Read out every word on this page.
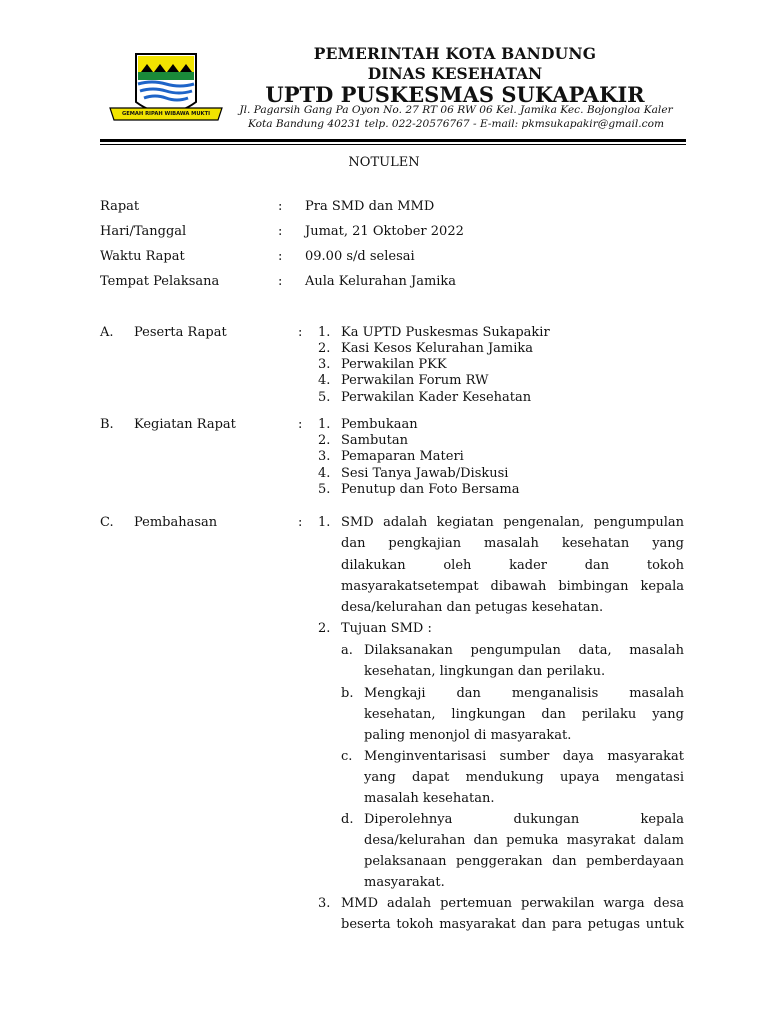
GEMAH RIPAH WIBAWA MUKTI
PEMERINTAH KOTA BANDUNG
DINAS KESEHATAN
UPTD PUSKESMAS SUKAPAKIR
Jl. Pagarsih Gang Pa Oyon No. 27 RT 06 RW 06 Kel. Jamika Kec. Bojongloa Kaler
Kota Bandung 40231 telp. 022-20576767 - E-mail: pkmsukapakir@gmail.com
NOTULEN
Rapat	: Pra SMD dan MMD
Hari/Tanggal	: Jumat, 21 Oktober 2022
Waktu Rapat	: 09.00 s/d selesai
Tempat Pelaksana	: Aula Kelurahan Jamika
A. Peserta Rapat	: 1. Ka UPTD Puskesmas Sukapakir
2. Kasi Kesos Kelurahan Jamika
3. Perwakilan PKK
4. Perwakilan Forum RW
5. Perwakilan Kader Kesehatan
B. Kegiatan Rapat	: 1. Pembukaan
2. Sambutan
3. Pemaparan Materi
4. Sesi Tanya Jawab/Diskusi
5. Penutup dan Foto Bersama
C. Pembahasan	: 1. SMD adalah kegiatan pengenalan, pengumpulan
dan pengkajian masalah kesehatan yang
dilakukan oleh kader dan tokoh
masyarakatsetempat dibawah bimbingan kepala
desa/kelurahan dan petugas kesehatan.
2. Tujuan SMD :
a. Dilaksanakan pengumpulan data, masalah
kesehatan, lingkungan dan perilaku.
b. Mengkaji dan menganalisis masalah
kesehatan, lingkungan dan perilaku yang
paling menonjol di masyarakat.
c. Menginventarisasi sumber daya masyarakat
yang dapat mendukung upaya mengatasi
masalah kesehatan.
d. Diperolehnya dukungan kepala
desa/kelurahan dan pemuka masyrakat dalam
pelaksanaan penggerakan dan pemberdayaan
masyarakat.
3. MMD adalah pertemuan perwakilan warga desa
beserta tokoh masyarakat dan para petugas untuk
